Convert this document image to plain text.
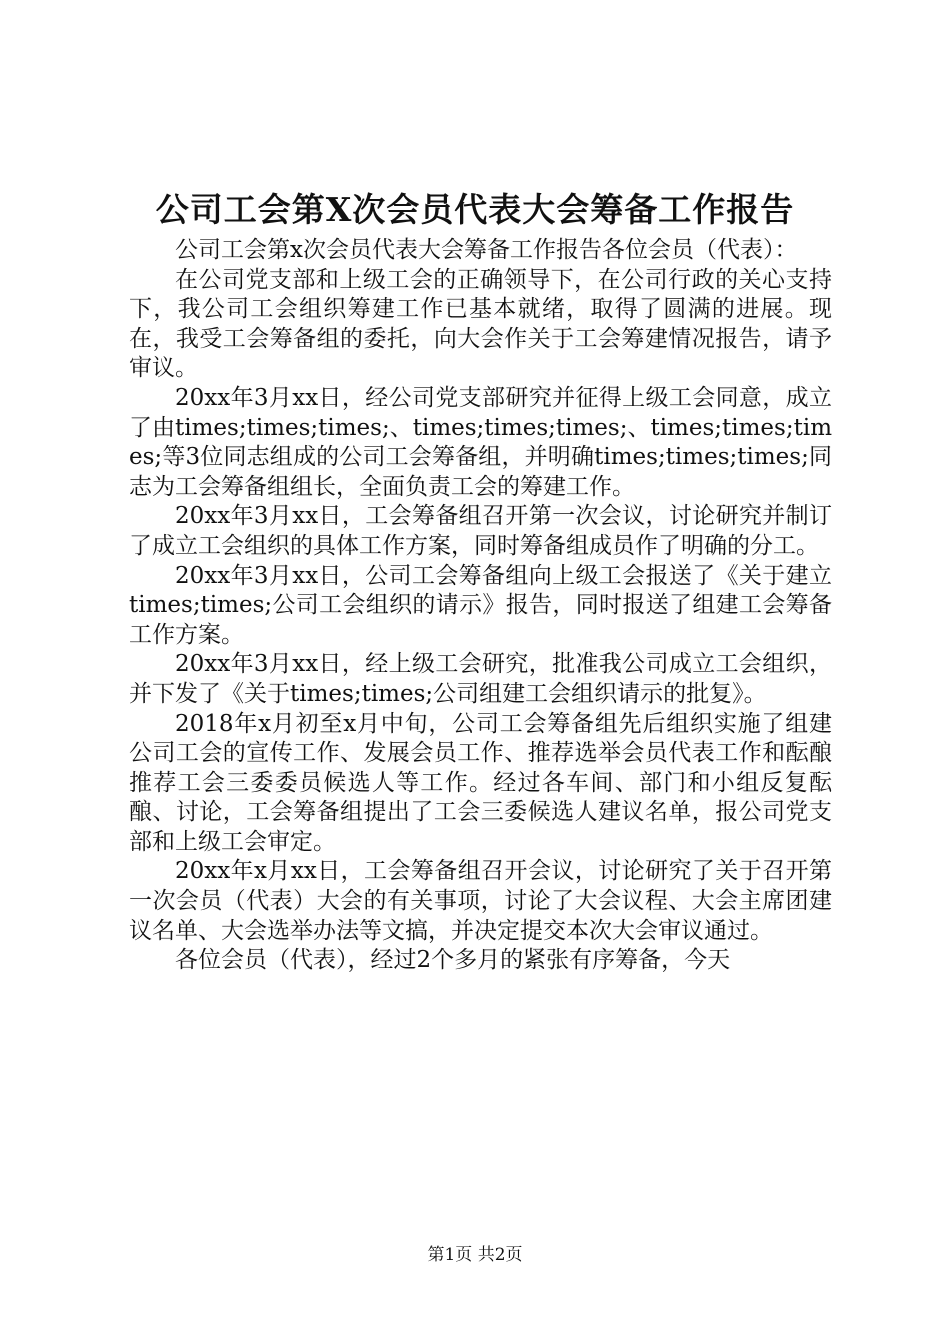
公司工会第X次会员代表大会筹备工作报告

公司工会第x次会员代表大会筹备工作报告各位会员（代表）：

在公司党支部和上级工会的正确领导下，在公司行政的关心支持下，我公司工会组织筹建工作已基本就绪，取得了圆满的进展。现在，我受工会筹备组的委托，向大会作关于工会筹建情况报告，请予审议。

20xx年3月xx日，经公司党支部研究并征得上级工会同意，成立了由times;times;times;、times;times;times;、times;times;times;等3位同志组成的公司工会筹备组，并明确times;times;times;同志为工会筹备组组长，全面负责工会的筹建工作。

20xx年3月xx日，工会筹备组召开第一次会议，讨论研究并制订了成立工会组织的具体工作方案，同时筹备组成员作了明确的分工。

20xx年3月xx日，公司工会筹备组向上级工会报送了《关于建立times;times;公司工会组织的请示》报告，同时报送了组建工会筹备工作方案。

20xx年3月xx日，经上级工会研究，批准我公司成立工会组织，并下发了《关于times;times;公司组建工会组织请示的批复》。

2018年x月初至x月中旬，公司工会筹备组先后组织实施了组建公司工会的宣传工作、发展会员工作、推荐选举会员代表工作和酝酿推荐工会三委委员候选人等工作。经过各车间、部门和小组反复酝酿、讨论，工会筹备组提出了工会三委候选人建议名单，报公司党支部和上级工会审定。

20xx年x月xx日，工会筹备组召开会议，讨论研究了关于召开第一次会员（代表）大会的有关事项，讨论了大会议程、大会主席团建议名单、大会选举办法等文搞，并决定提交本次大会审议通过。

各位会员（代表），经过2个多月的紧张有序筹备，今天

第1页 共2页
